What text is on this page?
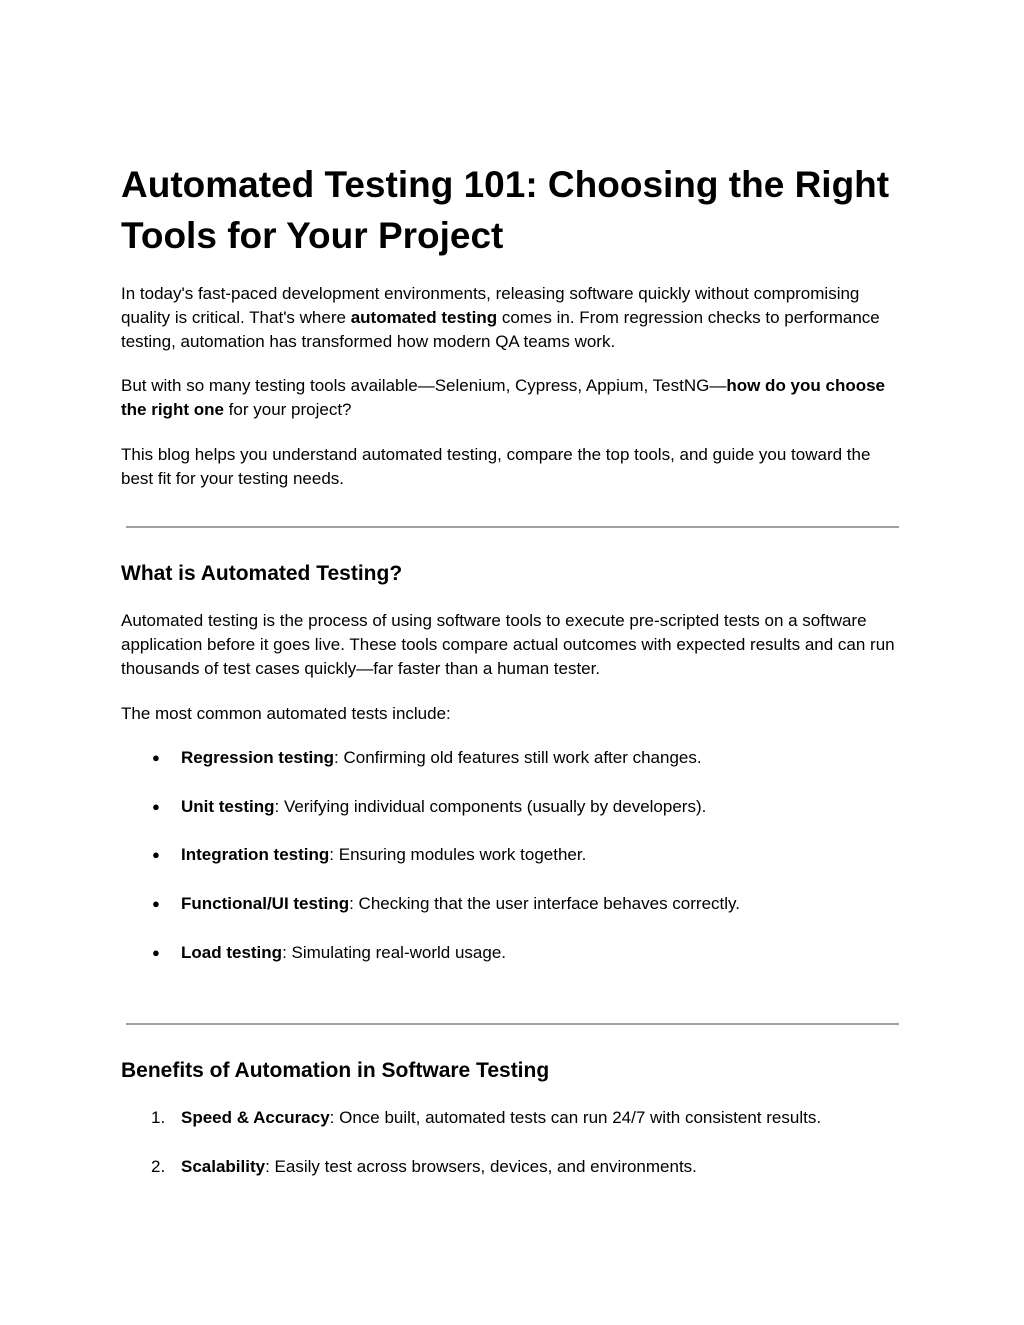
Automated Testing 101: Choosing the Right Tools for Your Project

In today's fast-paced development environments, releasing software quickly without compromising quality is critical. That's where automated testing comes in. From regression checks to performance testing, automation has transformed how modern QA teams work.

But with so many testing tools available—Selenium, Cypress, Appium, TestNG—how do you choose the right one for your project?

This blog helps you understand automated testing, compare the top tools, and guide you toward the best fit for your testing needs.

What is Automated Testing?

Automated testing is the process of using software tools to execute pre-scripted tests on a software application before it goes live. These tools compare actual outcomes with expected results and can run thousands of test cases quickly—far faster than a human tester.

The most common automated tests include:

●	Regression testing: Confirming old features still work after changes.
●	Unit testing: Verifying individual components (usually by developers).
●	Integration testing: Ensuring modules work together.
●	Functional/UI testing: Checking that the user interface behaves correctly.
●	Load testing: Simulating real-world usage.
Benefits of Automation in Software Testing
1. Speed & Accuracy: Once built, automated tests can run 24/7 with consistent results.
2. Scalability: Easily test across browsers, devices, and environments.
